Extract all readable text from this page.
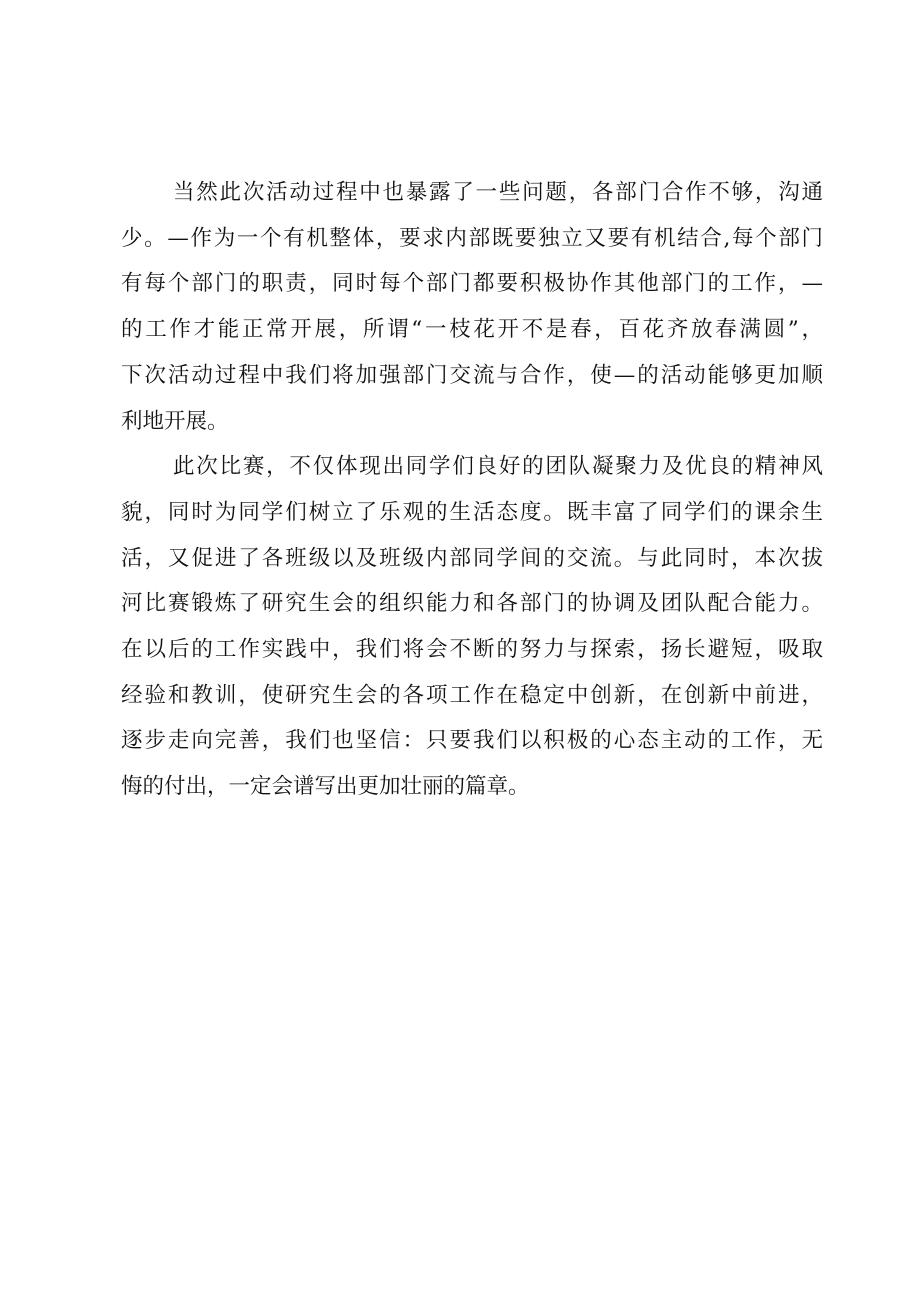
当然此次活动过程中也暴露了一些问题，各部门合作不够，沟通
少。—作为一个有机整体，要求内部既要独立又要有机结合,每个部门
有每个部门的职责，同时每个部门都要积极协作其他部门的工作，—
的工作才能正常开展，所谓“一枝花开不是春，百花齐放春满圆”，
下次活动过程中我们将加强部门交流与合作，使—的活动能够更加顺
利地开展。

此次比赛，不仅体现出同学们良好的团队凝聚力及优良的精神风
貌，同时为同学们树立了乐观的生活态度。既丰富了同学们的课余生
活，又促进了各班级以及班级内部同学间的交流。与此同时，本次拔
河比赛锻炼了研究生会的组织能力和各部门的协调及团队配合能力。
在以后的工作实践中，我们将会不断的努力与探索，扬长避短，吸取
经验和教训，使研究生会的各项工作在稳定中创新，在创新中前进，
逐步走向完善，我们也坚信：只要我们以积极的心态主动的工作，无
悔的付出，一定会谱写出更加壮丽的篇章。
